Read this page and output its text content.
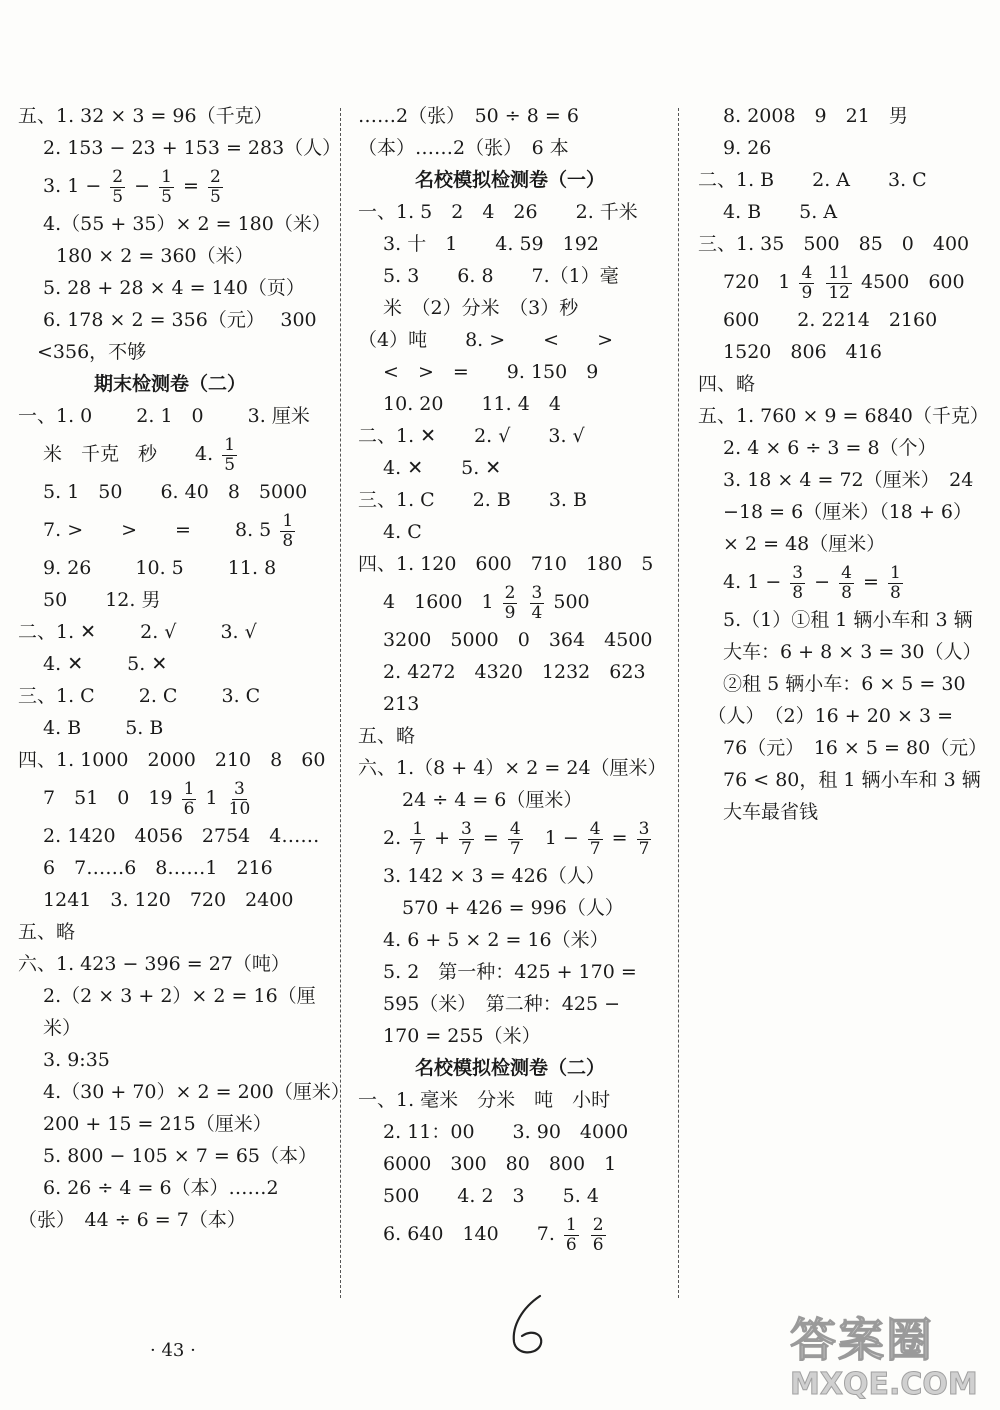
五、1. 32 × 3 = 96（千克）
　 2. 153 − 23 + 153 = 283（人）
　 3. $1 - \frac{2}{5} - \frac{1}{5} = \frac{2}{5}$
　 4.（55 + 35）× 2 = 180（米）
　　180 × 2 = 360（米）
　 5. 28 + 28 × 4 = 140（页）
　 6. 178 × 2 = 356（元）　 300
　<356，不够
　　　　期末检测卷（二）
一、1. 0　　 2. 1　0　　 3. 厘米
　 米　千克　秒　　4. $\frac{1}{5}$
　 5. 1　50　　6. 40　8　5000
　 7. >　　>　　=　　 8. $5 \frac{1}{8}$
　 9. 26　　 10. 5　　 11. 8
　 50　　12. 男
二、1. ✕　　 2. √　　 3. √
　 4. ✕　　 5. ✕
三、1. C　　 2. C　　 3. C
　 4. B　　 5. B
四、1. 1000　2000　210　8　60
　 7　51　0　$19 \frac{1}{6} 1 \frac{3}{10}$
　 2. 1420　4056　2754　4……
　 6　7……6　8……1　216
　 1241　3. 120　720　2400
五、略
六、1. 423 − 396 = 27（吨）
　 2.（2 × 3 + 2）× 2 = 16（厘
　 米）
　 3. 9:35
　 4.（30 + 70）× 2 = 200（厘米）
　 200 + 15 = 215（厘米）
　 5. 800 − 105 × 7 = 65（本）
　 6. 26 ÷ 4 = 6（本）……2
（张）　44 ÷ 6 = 7（本）
……2（张）　50 ÷ 8 = 6
（本）……2（张）　6 本
　　　名校模拟检测卷（一）
一、1. 5　2　4　26　　2. 千米
　 3. 十　1　　4. 59　192
　 5. 3　　6. 8　　7.（1）毫
　 米　（2）分米　（3）秒
（4）吨　　8. >　　<　　>
　 <　>　=　　9. 150　9
　 10. 20　　11. 4　4
二、1. ✕　　2. √　　3. √
　 4. ✕　　5. ✕
三、1. C　　2. B　　3. B
　 4. C
四、1. 120　600　710　180　5
　 4　1600　$1 \frac{2}{9}$
$\frac{3}{4} 500$
　 3200　5000　0　364　4500
　 2. 4272　4320　1232　623
　 213
五、略
六、1.（8 + 4）× 2 = 24（厘米）
　　 24 ÷ 4 = 6（厘米）
　 2. $\frac{1}{7} + \frac{3}{7} = \frac{4}{7}$ 　$1 - \frac{4}{7} = \frac{3}{7}$
　 3. 142 × 3 = 426（人）
　　 570 + 426 = 996（人）
　 4. 6 + 5 × 2 = 16（米）
　 5. 2　第一种：425 + 170 =
　 595（米）　第二种：425 −
　 170 = 255（米）
　　　名校模拟检测卷（二）
一、1. 毫米　分米　吨　小时
　 2. 11：00　　3. 90　4000
　 6000　300　80　800　1
　 500　　4. 2　3　　5. 4
　 6. 640　140　　7. $\frac{1}{6}$
$\frac{2}{6}$
　 8. 2008　9　21　男
　 9. 26
二、1. B　　2. A　　3. C
　 4. B　　5. A
三、1. 35　500　85　0　400
　 720　$1 \frac{4}{9}$
$\frac{11}{12} 4500$　600
　 600　　2. 2214　2160
　 1520　806　416
四、略
五、1. 760 × 9 = 6840（千克）
　 2. 4 × 6 ÷ 3 = 8（个）
　 3. 18 × 4 = 72（厘米）　24
　 −18 = 6（厘米）（18 + 6）
　 × 2 = 48（厘米）
　 4. $1 - \frac{3}{8} - \frac{4}{8} = \frac{1}{8}$
　 5.（1）①租 1 辆小车和 3 辆
　 大车：6 + 8 × 3 = 30（人）
　 ②租 5 辆小车：6 × 5 = 30
　（人）　（2）16 + 20 × 3 =
　 76（元）　16 × 5 = 80（元）
　 76 < 80，租 1 辆小车和 3 辆
　 大车最省钱
· 43 ·	答案圈
MXQE.COM
